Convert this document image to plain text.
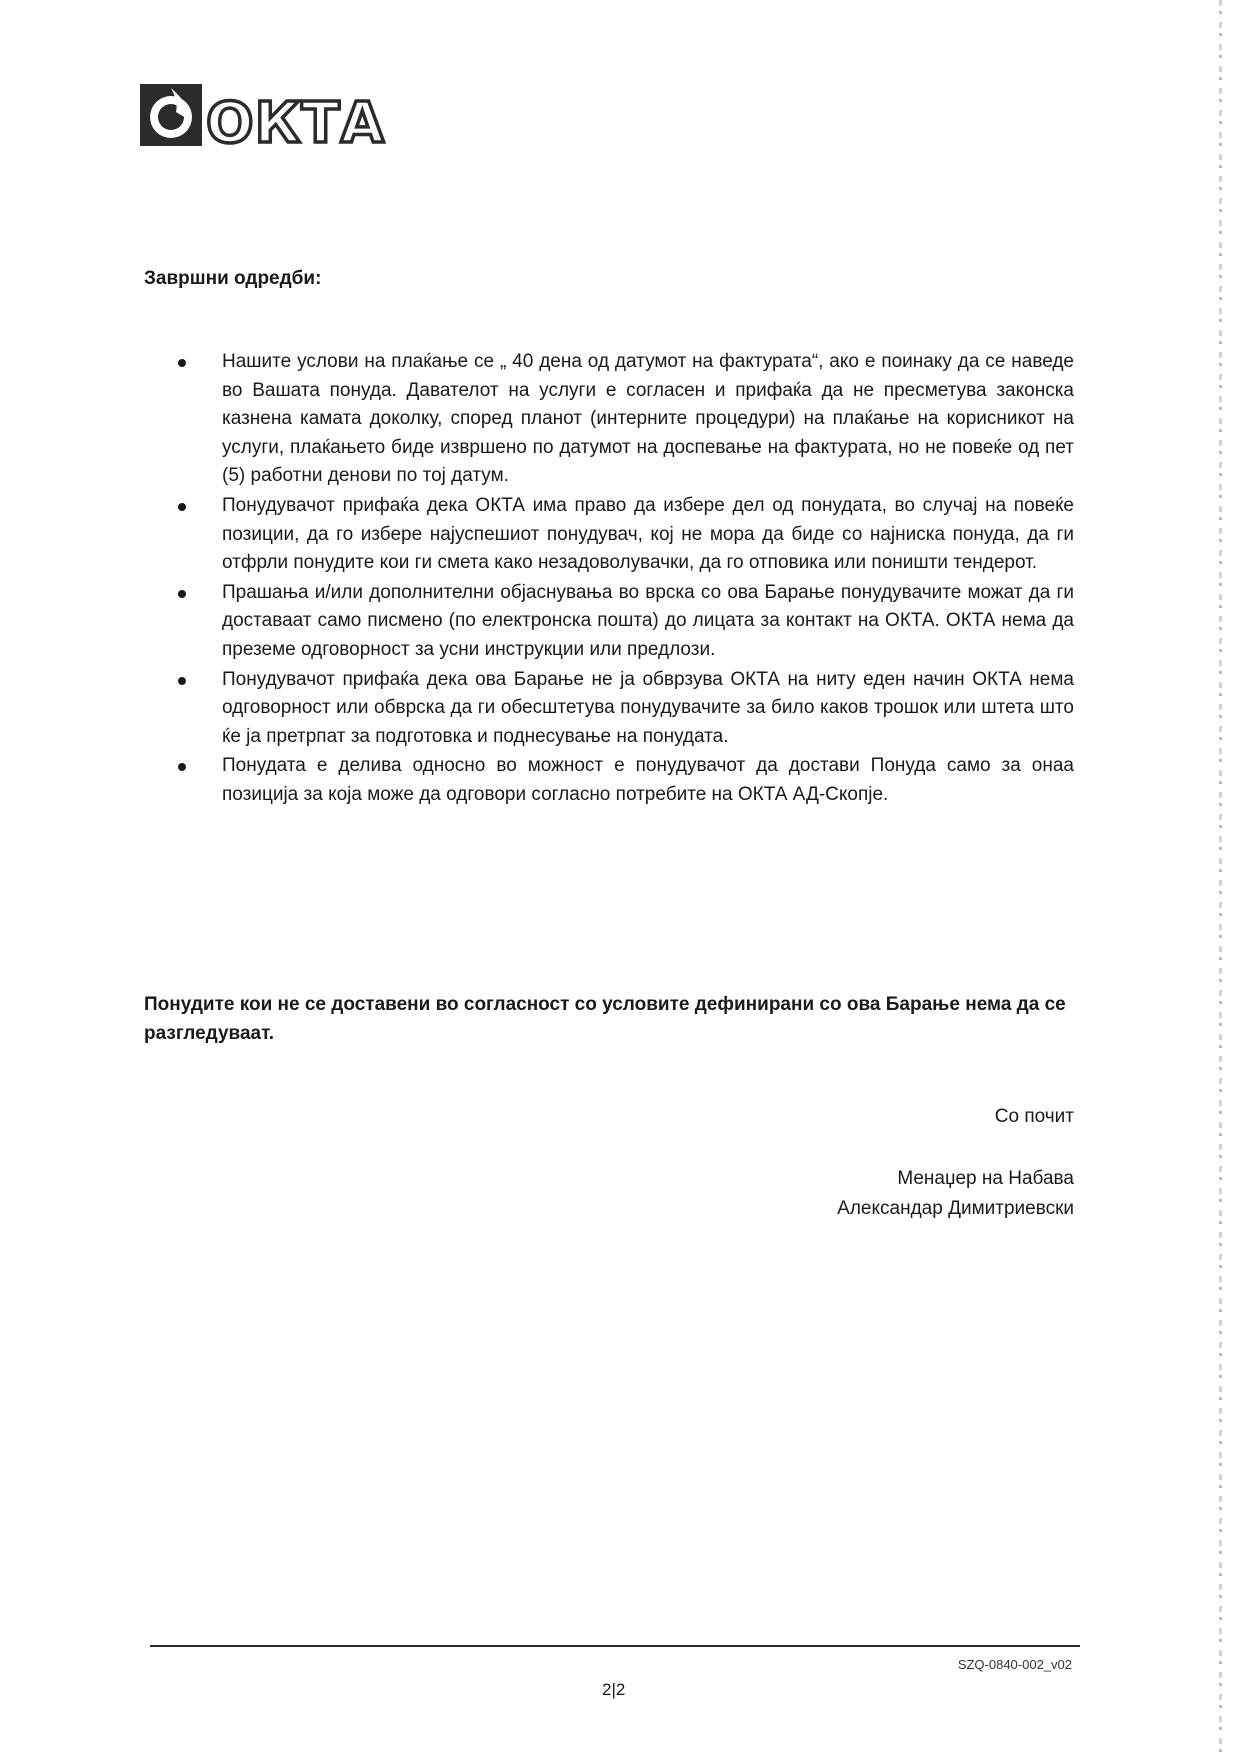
ОКТА
Завршни одредби:
Нашите услови на плаќање се „ 40 дена од датумот на фактурата“, ако е поинаку да се наведе во Вашата понуда. Давателот на услуги е согласен и прифаќа да не пресметува законска казнена камата доколку, според планот (интерните процедури) на плаќање на корисникот на услуги, плаќањето биде извршено по датумот на доспевање на фактурата, но не повеќе од пет (5) работни денови по тој датум.
Понудувачот прифаќа дека ОКТА има право да избере дел од понудата, во случај на повеќе позиции, да го избере најуспешиот понудувач, кој не мора да биде со најниска понуда, да ги отфрли понудите кои ги смета како незадоволувачки, да го отповика или поништи тендерот.
Прашања и/или дополнителни објаснувања во врска со ова Барање понудувачите можат да ги доставаат само писмено (по електронска пошта) до лицата за контакт на ОКТА. ОКТА нема да преземе одговорност за усни инструкции или предлози.
Понудувачот прифаќа дека ова Барање не ја обврзува ОКТА на ниту еден начин ОКТА нема одговорност или обврска да ги обесштетува понудувачите за било каков трошок или штета што ќе ја претрпат за подготовка и поднесување на понудата.
Понудата е делива односно во можност е понудувачот да достави Понуда само за онаа позиција за која може да одговори согласно потребите на ОКТА АД-Скопје.

Понудите кои не се доставени во согласност со условите дефинирани со ова Барање нема да се разгледуваат.

Со почит

Менаџер на Набава
Александар Димитриевски
SZQ-0840-002_v02
2|2
